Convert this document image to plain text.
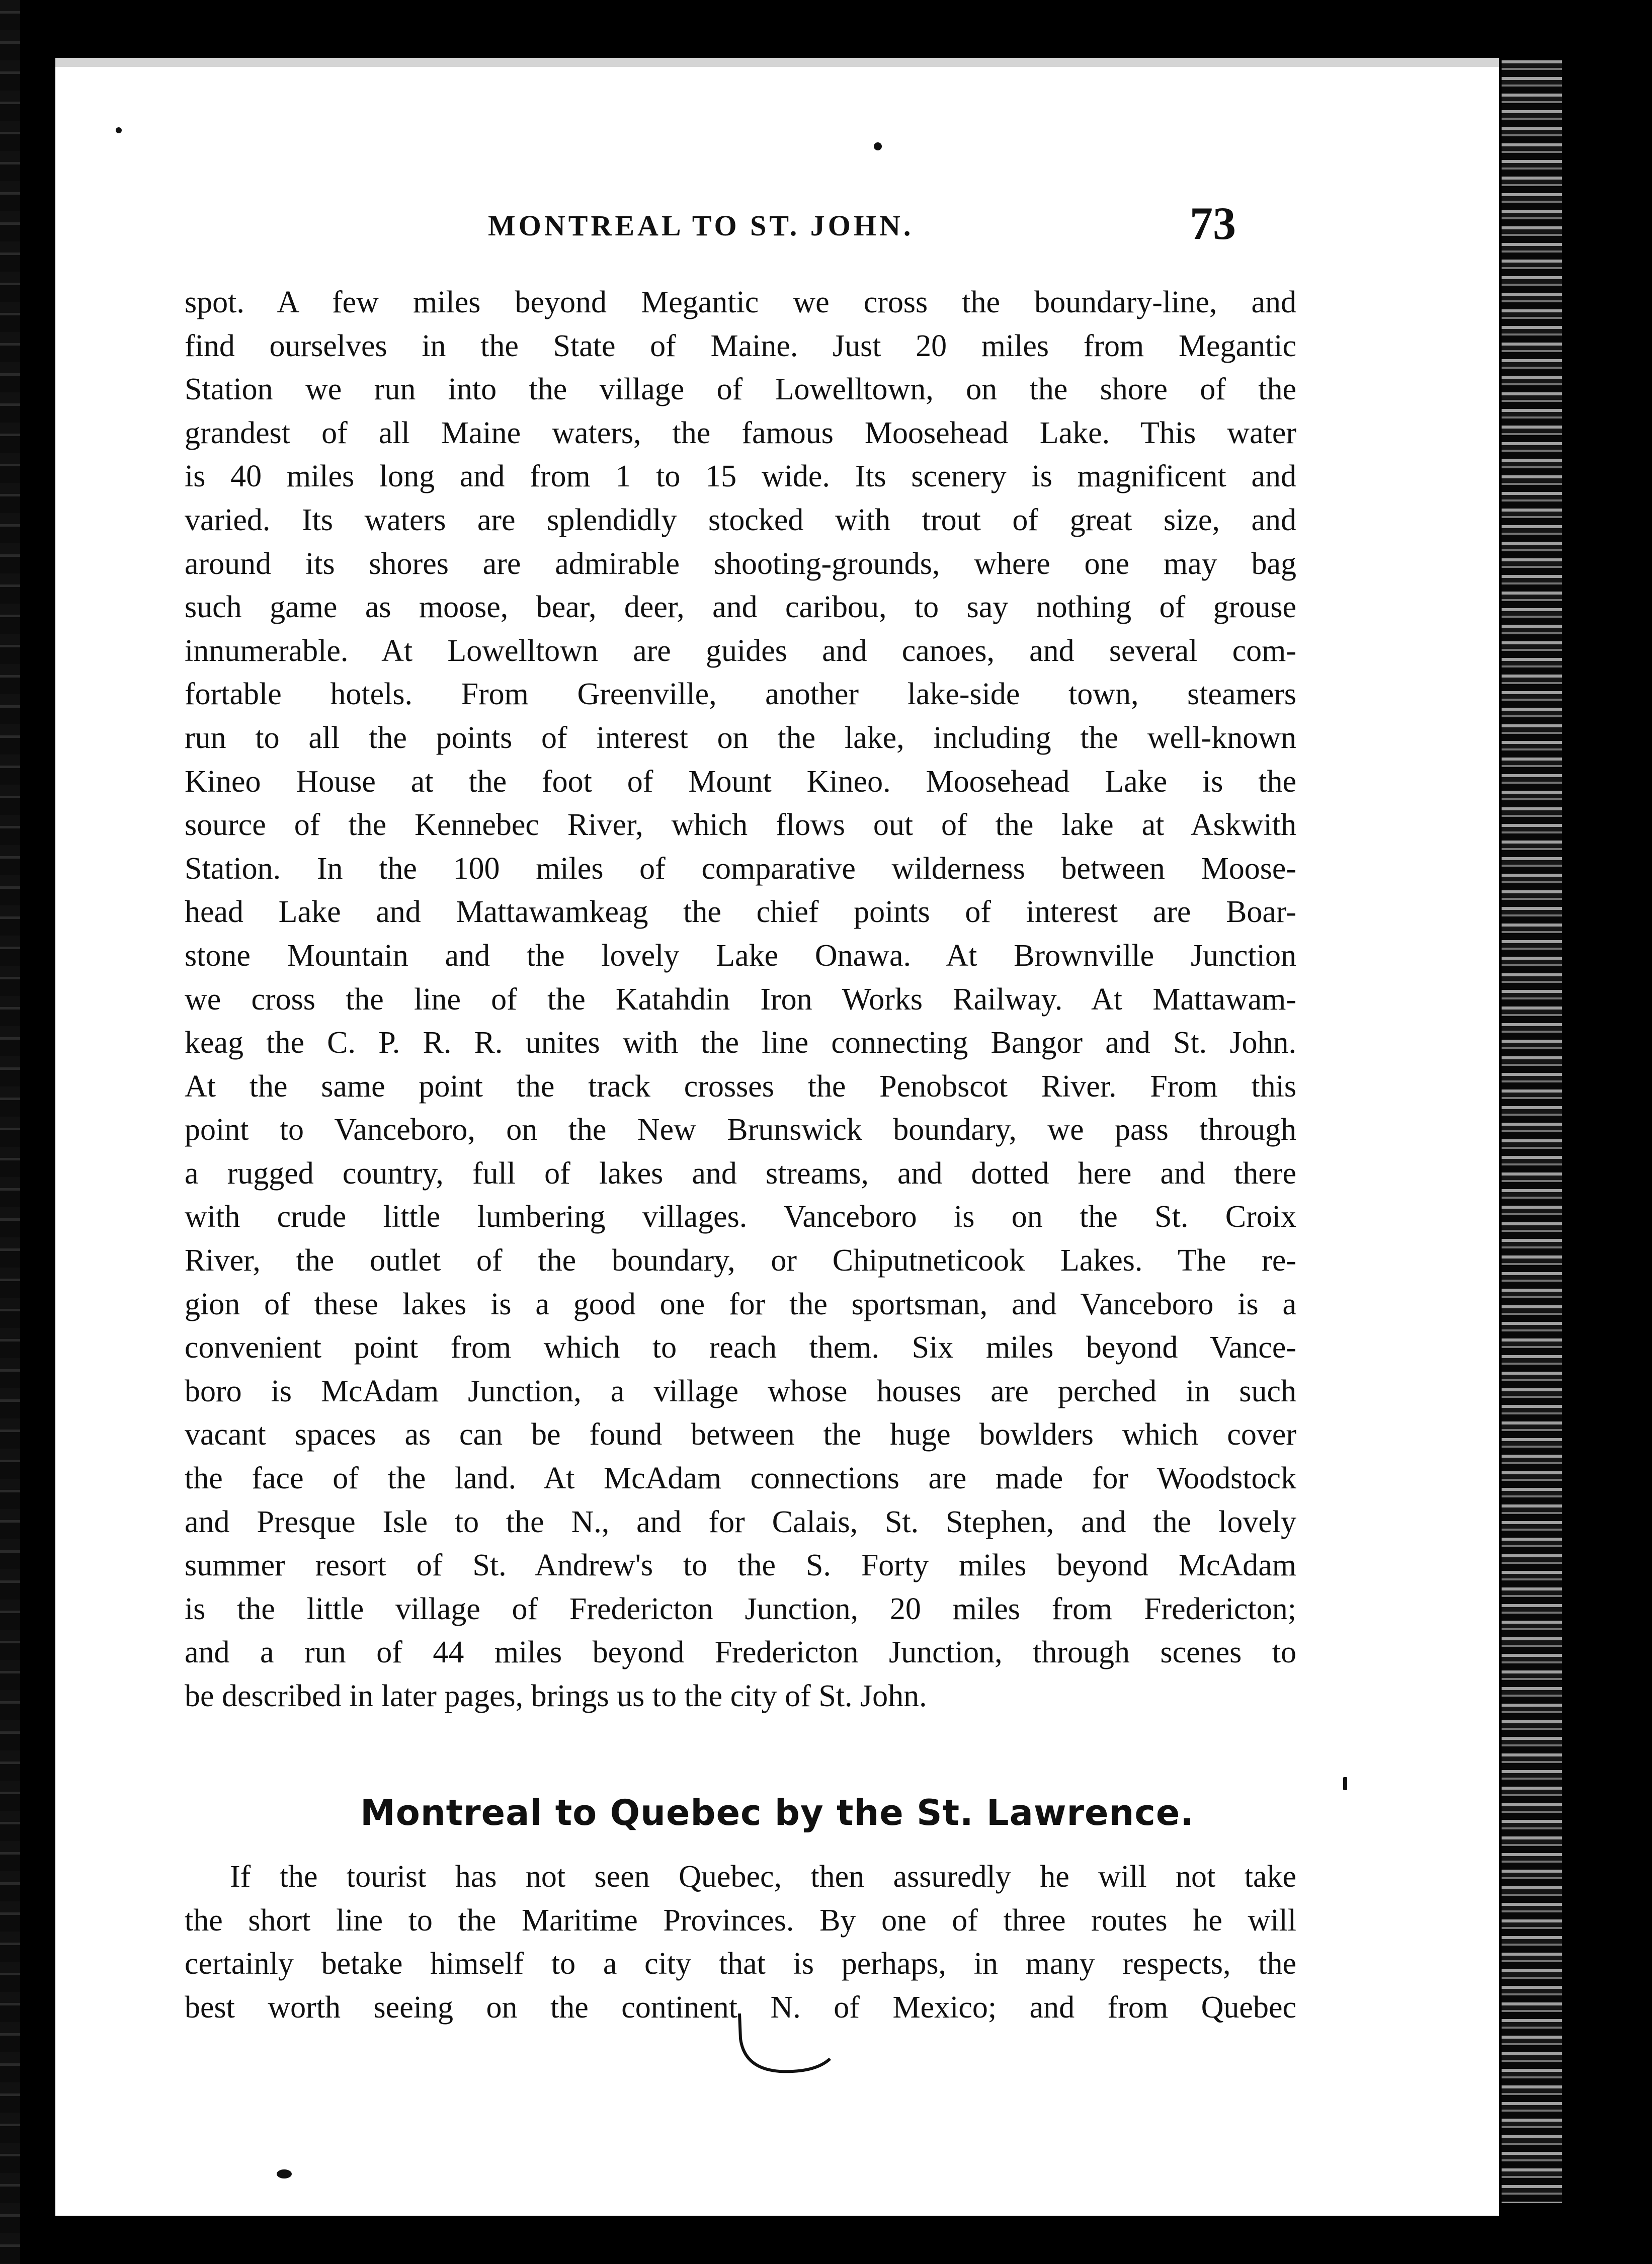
MONTREAL TO ST. JOHN.	73
spot. A few miles beyond Megantic we cross the boundary-line, and
find ourselves in the State of Maine. Just 20 miles from Megantic
Station we run into the village of Lowelltown, on the shore of the
grandest of all Maine waters, the famous Moosehead Lake. This water
is 40 miles long and from 1 to 15 wide. Its scenery is magnificent and
varied. Its waters are splendidly stocked with trout of great size, and
around its shores are admirable shooting-grounds, where one may bag
such game as moose, bear, deer, and caribou, to say nothing of grouse
innumerable. At Lowelltown are guides and canoes, and several com-
fortable hotels. From Greenville, another lake-side town, steamers
run to all the points of interest on the lake, including the well-known
Kineo House at the foot of Mount Kineo. Moosehead Lake is the
source of the Kennebec River, which flows out of the lake at Askwith
Station. In the 100 miles of comparative wilderness between Moose-
head Lake and Mattawamkeag the chief points of interest are Boar-
stone Mountain and the lovely Lake Onawa. At Brownville Junction
we cross the line of the Katahdin Iron Works Railway. At Mattawam-
keag the C. P. R. R. unites with the line connecting Bangor and St. John.
At the same point the track crosses the Penobscot River. From this
point to Vanceboro, on the New Brunswick boundary, we pass through
a rugged country, full of lakes and streams, and dotted here and there
with crude little lumbering villages. Vanceboro is on the St. Croix
River, the outlet of the boundary, or Chiputneticook Lakes. The re-
gion of these lakes is a good one for the sportsman, and Vanceboro is a
convenient point from which to reach them. Six miles beyond Vance-
boro is McAdam Junction, a village whose houses are perched in such
vacant spaces as can be found between the huge bowlders which cover
the face of the land. At McAdam connections are made for Woodstock
and Presque Isle to the N., and for Calais, St. Stephen, and the lovely
summer resort of St. Andrew's to the S. Forty miles beyond McAdam
is the little village of Fredericton Junction, 20 miles from Fredericton;
and a run of 44 miles beyond Fredericton Junction, through scenes to
be described in later pages, brings us to the city of St. John.
Montreal to Quebec by the St. Lawrence.
If the tourist has not seen Quebec, then assuredly he will not take
the short line to the Maritime Provinces. By one of three routes he will
certainly betake himself to a city that is perhaps, in many respects, the
best worth seeing on the continent N. of Mexico; and from Quebec
